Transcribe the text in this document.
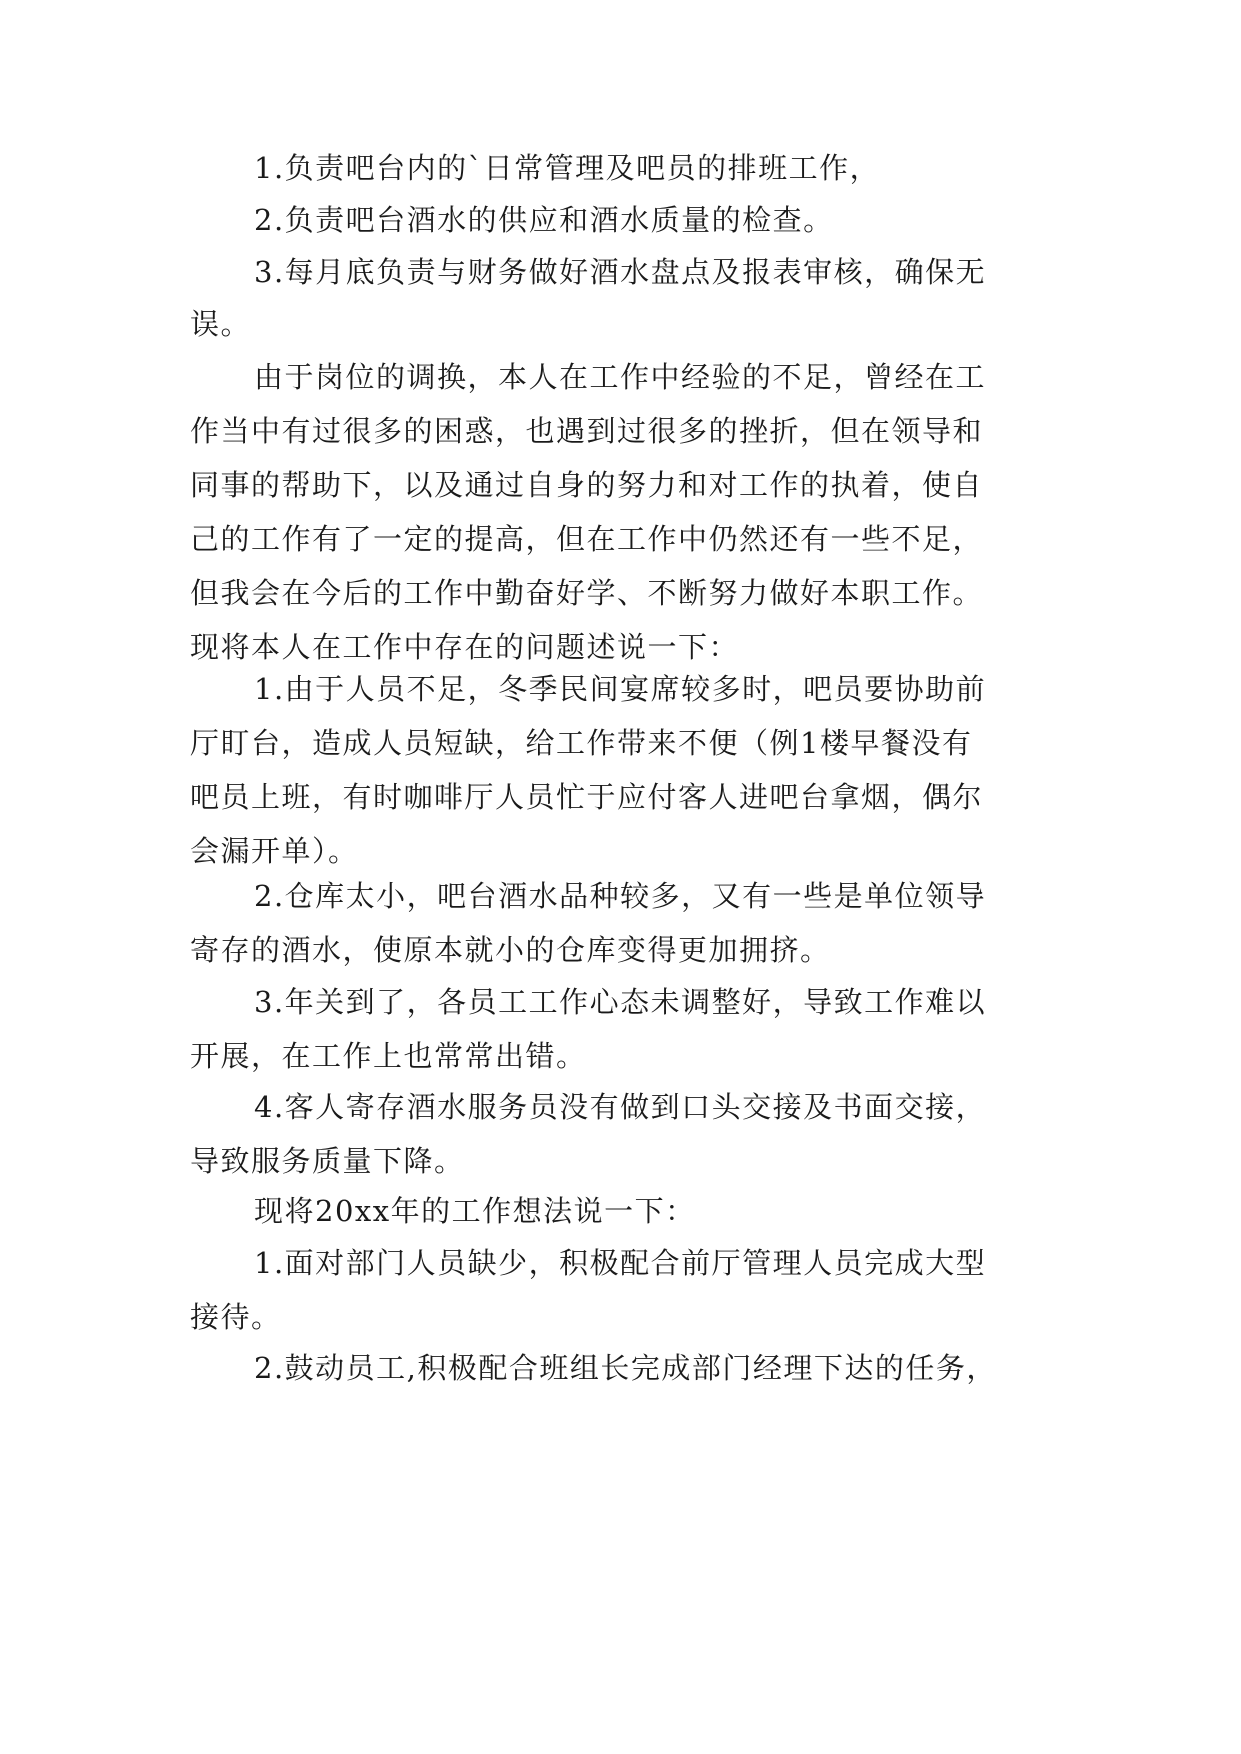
1.负责吧台内的`日常管理及吧员的排班工作，
2.负责吧台酒水的供应和酒水质量的检查。
3.每月底负责与财务做好酒水盘点及报表审核，确保无
误。
由于岗位的调换，本人在工作中经验的不足，曾经在工
作当中有过很多的困惑，也遇到过很多的挫折，但在领导和
同事的帮助下，以及通过自身的努力和对工作的执着，使自
己的工作有了一定的提高，但在工作中仍然还有一些不足，
但我会在今后的工作中勤奋好学、不断努力做好本职工作。
现将本人在工作中存在的问题述说一下：
1.由于人员不足，冬季民间宴席较多时，吧员要协助前
厅盯台，造成人员短缺，给工作带来不便（例1楼早餐没有
吧员上班，有时咖啡厅人员忙于应付客人进吧台拿烟，偶尔
会漏开单）。
2.仓库太小，吧台酒水品种较多，又有一些是单位领导
寄存的酒水，使原本就小的仓库变得更加拥挤。
3.年关到了，各员工工作心态未调整好，导致工作难以
开展，在工作上也常常出错。
4.客人寄存酒水服务员没有做到口头交接及书面交接，
导致服务质量下降。
现将20xx年的工作想法说一下：
1.面对部门人员缺少，积极配合前厅管理人员完成大型
接待。
2.鼓动员工,积极配合班组长完成部门经理下达的任务，
